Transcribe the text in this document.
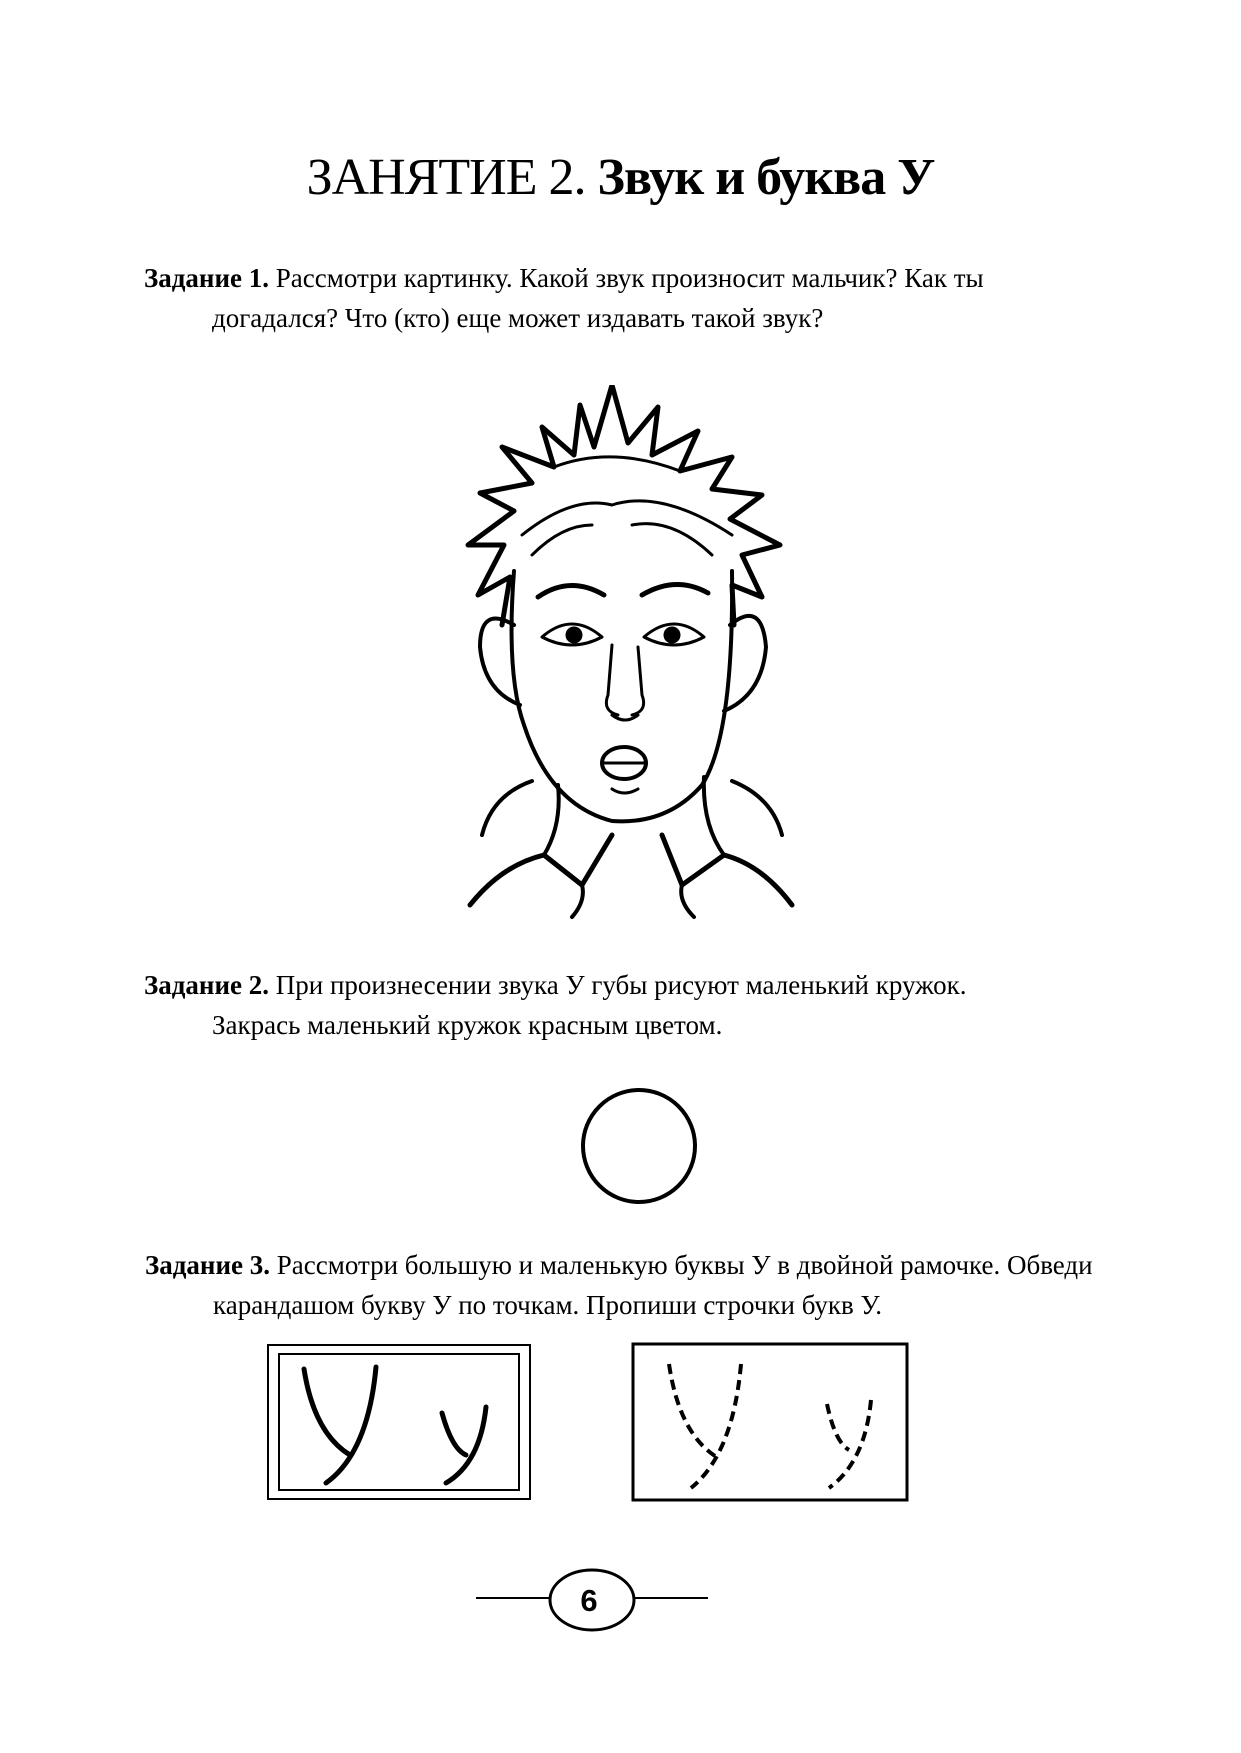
ЗАНЯТИЕ 2. Звук и буква У
Задание 1. Рассмотри картинку. Какой звук произносит мальчик? Как ты
догадался? Что (кто) еще может издавать такой звук?
Задание 2. При произнесении звука У губы рисуют маленький кружок.
Закрась маленький кружок красным цветом.
Задание 3. Рассмотри большую и маленькую буквы У в двойной рамочке. Обведи
карандашом букву У по точкам. Пропиши строчки букв У.
6
